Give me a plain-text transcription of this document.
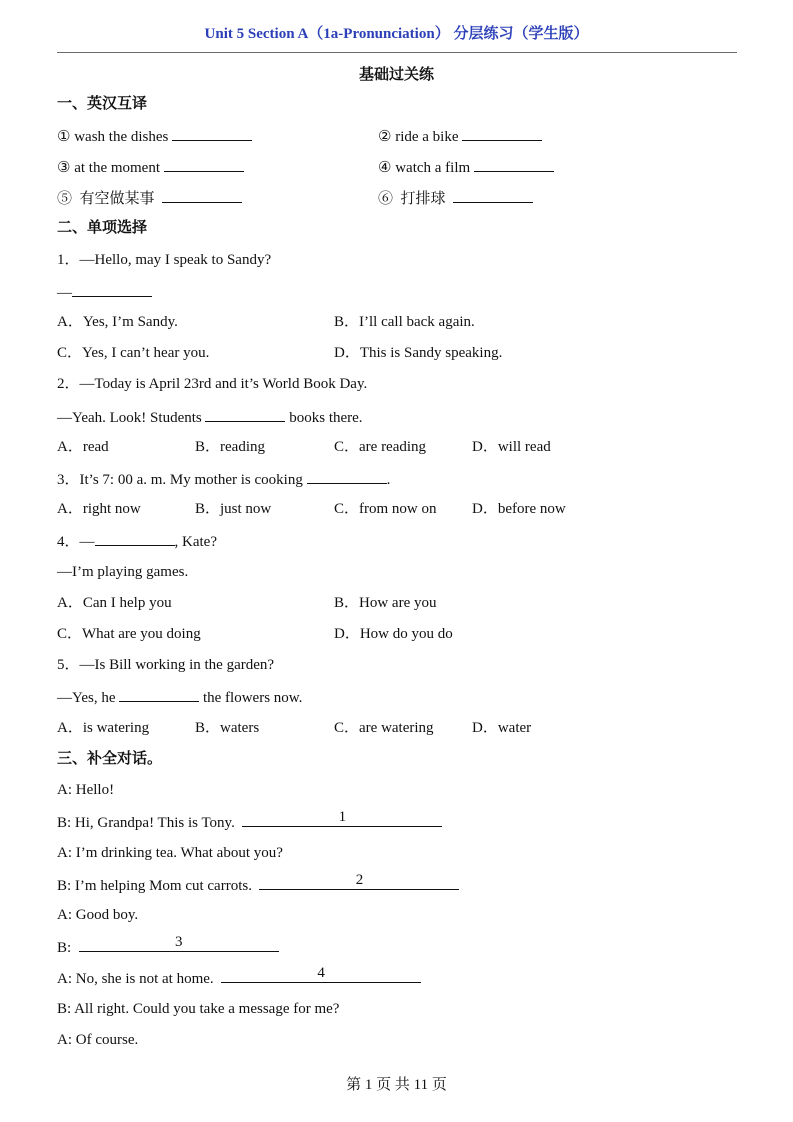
Unit 5 Section A（1a-Pronunciation） 分层练习（学生版）
基础过关练
一、英汉互译
① wash the dishes	② ride a bike
③ at the moment	④ watch a film
⑤  有空做某事	⑥  打排球
二、单项选择
1．—Hello, may I speak to Sandy?
—
A．Yes, I’m Sandy.	B．I’ll call back again.
C．Yes, I can’t hear you.	D．This is Sandy speaking.
2．—Today is April 23rd and it’s World Book Day.
—Yeah. Look! Students	books there.
A．read	B．reading	C．are reading	D．will read
3．It’s 7: 00 a. m. My mother is cooking	.
A．right now	B．just now	C．from now on D．before now
4．—	, Kate?
—I’m playing games.
A．Can I help you	B．How are you
C．What are you doing	D．How do you do
5．—Is Bill working in the garden?
—Yes, he	the flowers now.
A．is watering	B．waters	C．are watering	D．water
三、补全对话。
A: Hello!
B: Hi, Grandpa! This is Tony.	1
A: I’m drinking tea. What about you?
B: I’m helping Mom cut carrots.	2
A: Good boy.
B:	3
A: No, she is not at home.	4
B: All right. Could you take a message for me?
A: Of course.
第 1 页 共 11 页
